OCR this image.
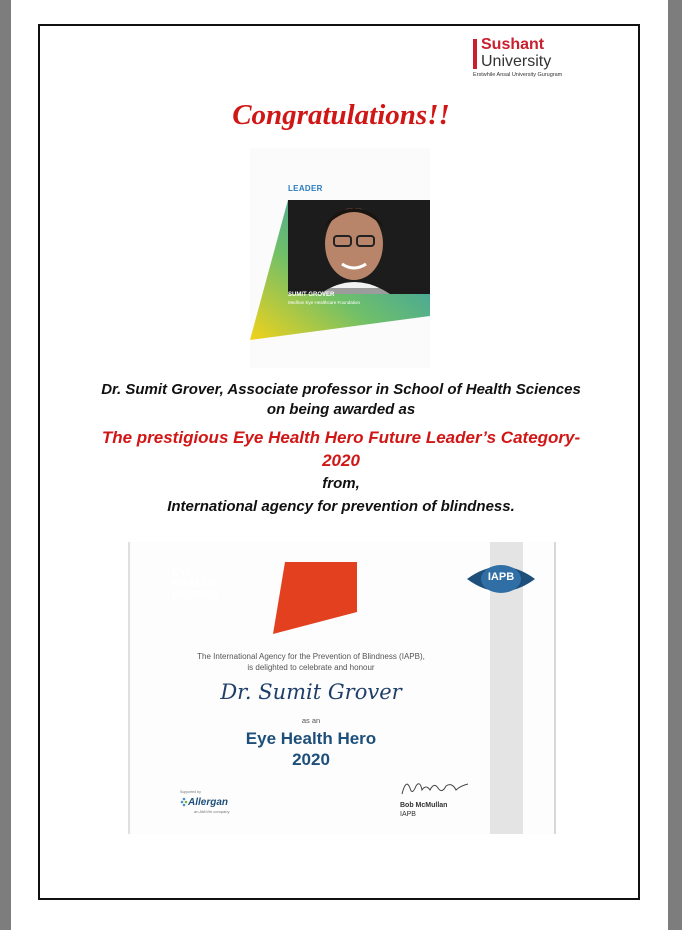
Sushant
University
Erstwhile Ansal University Gurugram
Congratulations!!
LEADER
SUMIT GROVER
Medhan Eye Healthcare Foundation
Dr. Sumit Grover, Associate professor in School of Health Sciences
on being awarded as
The prestigious Eye Health Hero Future Leader’s Category-
2020
from,
International agency for prevention of blindness.
EYE
HEALTH
HEROES
IAPB
The International Agency for the Prevention of Blindness (IAPB),
is delighted to celebrate and honour
Dr. Sumit Grover
as an
Eye Health Hero
2020
Supported by
Allergan
an AbbVie company
Bob McMullan
IAPB
